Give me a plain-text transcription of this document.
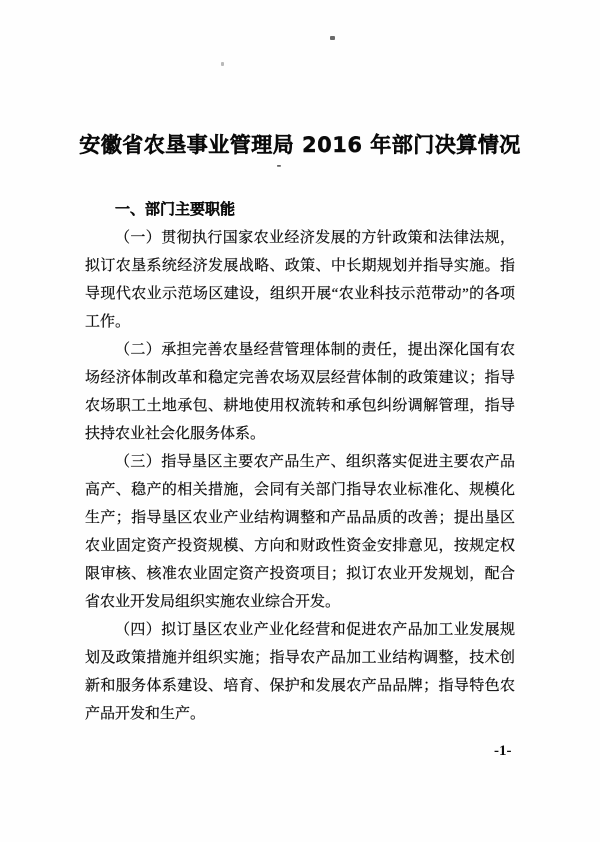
安徽省农垦事业管理局 2016 年部门决算情况
-
一、部门主要职能

（一）贯彻执行国家农业经济发展的方针政策和法律法规，拟订农垦系统经济发展战略、政策、中长期规划并指导实施。指导现代农业示范场区建设，组织开展“农业科技示范带动”的各项工作。

（二）承担完善农垦经营管理体制的责任，提出深化国有农场经济体制改革和稳定完善农场双层经营体制的政策建议；指导农场职工土地承包、耕地使用权流转和承包纠纷调解管理，指导扶持农业社会化服务体系。

（三）指导垦区主要农产品生产、组织落实促进主要农产品高产、稳产的相关措施，会同有关部门指导农业标准化、规模化生产；指导垦区农业产业结构调整和产品品质的改善；提出垦区农业固定资产投资规模、方向和财政性资金安排意见，按规定权限审核、核准农业固定资产投资项目；拟订农业开发规划，配合省农业开发局组织实施农业综合开发。

（四）拟订垦区农业产业化经营和促进农产品加工业发展规划及政策措施并组织实施；指导农产品加工业结构调整，技术创新和服务体系建设、培育、保护和发展农产品品牌；指导特色农产品开发和生产。

-1-
